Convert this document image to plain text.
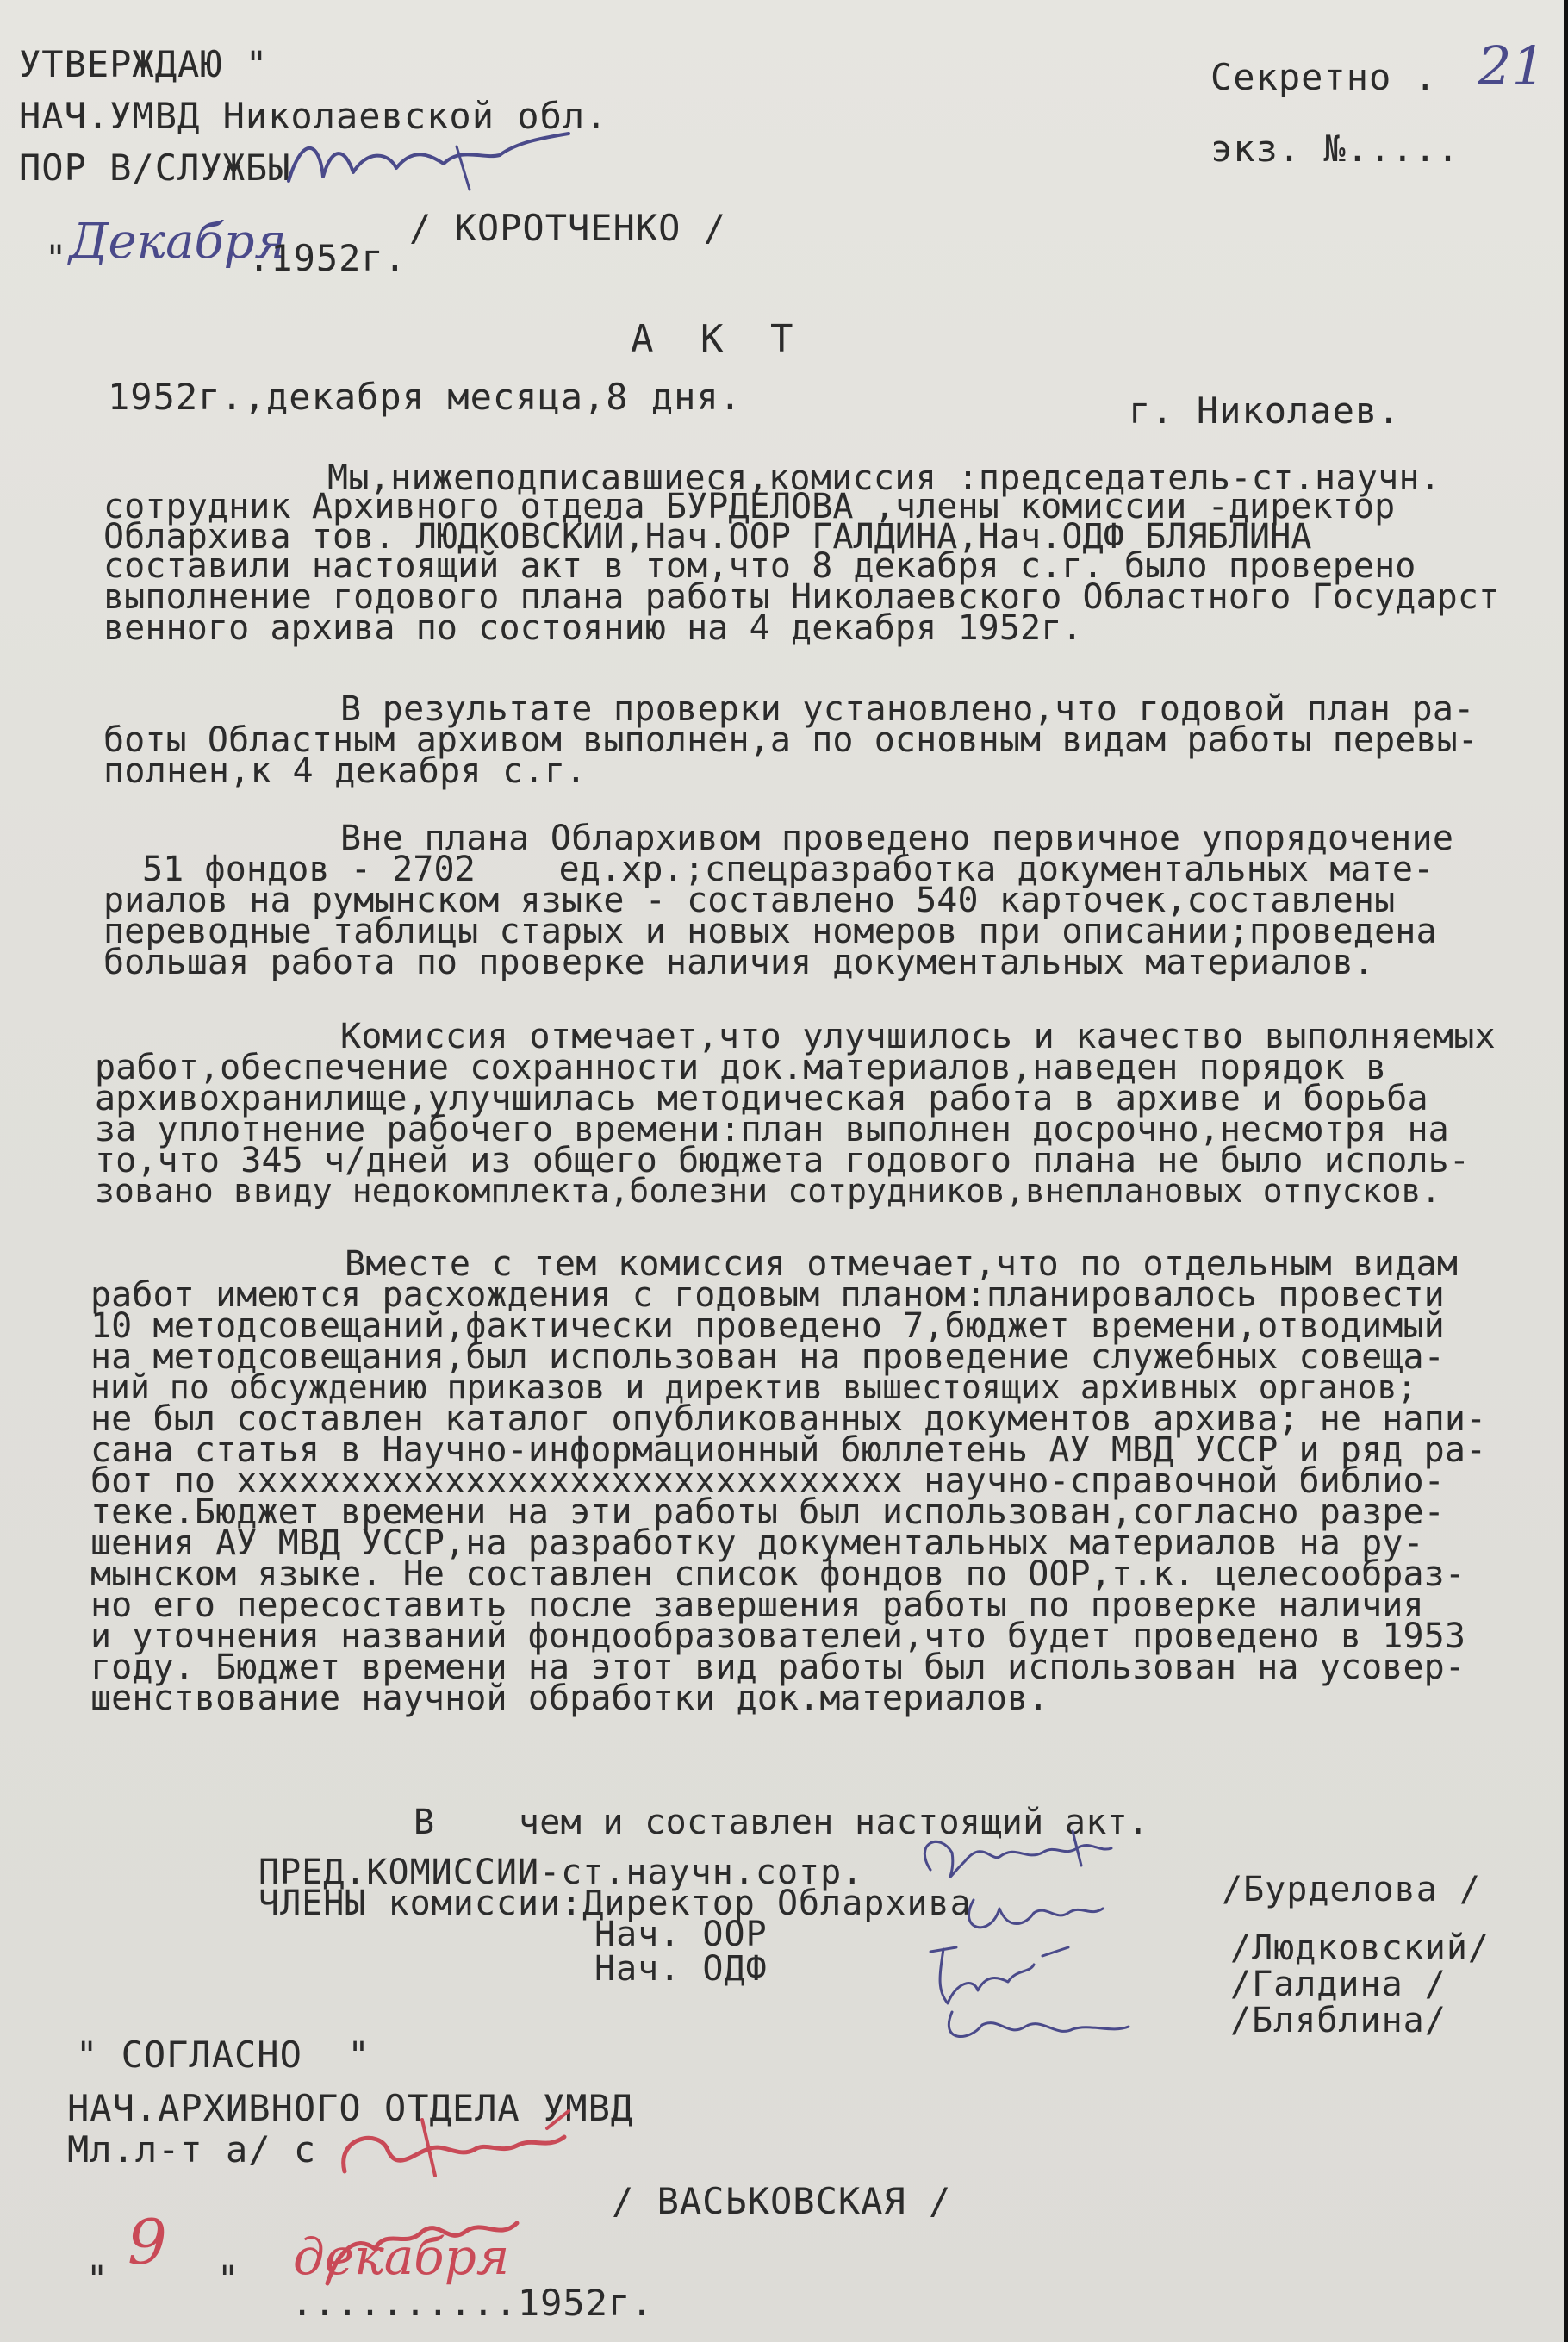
УТВЕРЖДАЮ "
НАЧ.УМВД Николаевской обл.
ПОР В/СЛУЖБЫ
/ КОРОТЧЕНКО /
" Декабря
.1952г.
Секретно . 21
экз. №.....
А К Т
1952г.,декабря месяца,8 дня.	г. Николаев.
Мы,нижеподписавшиеся,комиссия :председатель-ст.научн.
сотрудник Архивного отдела БУРДЕЛОВА ,члены комиссии -директор
Облархива тов. ЛЮДКОВСКИЙ,Нач.ООР ГАЛДИНА,Нач.ОДФ БЛЯБЛИНА
составили настоящий акт в том,что 8 декабря с.г. было проверено
выполнение годового плана работы Николаевского Областного Государст
венного архива по состоянию на 4 декабря 1952г.
В результате проверки установлено,что годовой план ра-
боты Областным архивом выполнен,а по основным видам работы перевы-
полнен,к 4 декабря с.г.
Вне плана Облархивом проведено первичное упорядочение
51 фондов - 2702    ед.хр.;спецразработка документальных мате-
риалов на румынском языке - составлено 540 карточек,составлены
переводные таблицы старых и новых номеров при описании;проведена
большая работа по проверке наличия документальных материалов.
Комиссия отмечает,что улучшилось и качество выполняемых
работ,обеспечение сохранности док.материалов,наведен порядок в
архивохранилище,улучшилась методическая работа в архиве и борьба
за уплотнение рабочего времени:план выполнен досрочно,несмотря на
то,что 345 ч/дней из общего бюджета годового плана не было исполь-
зовано ввиду недокомплекта,болезни сотрудников,внеплановых отпусков.
Вместе с тем комиссия отмечает,что по отдельным видам
работ имеются расхождения с годовым планом:планировалось провести
10 методсовещаний,фактически проведено 7,бюджет времени,отводимый
на методсовещания,был использован на проведение служебных совеща-
ний по обсуждению приказов и директив вышестоящих архивных органов;
не был составлен каталог опубликованных документов архива; не напи-
сана статья в Научно-информационный бюллетень АУ МВД УССР и ряд ра-
бот по xxxxxxxxxxxxxxxxxxxxxxxxxxxxxxxx научно-справочной библио-
теке.Бюджет времени на эти работы был использован,согласно разре-
шения АУ МВД УССР,на разработку документальных материалов на ру-
мынском языке. Не составлен список фондов по ООР,т.к. целесообраз-
но его пересоставить после завершения работы по проверке наличия
и уточнения названий фондообразователей,что будет проведено в 1953
году. Бюджет времени на этот вид работы был использован на усовер-
шенствование научной обработки док.материалов.
В    чем и составлен настоящий акт.
ПРЕД.КОМИССИИ-ст.научн.сотр.
ЧЛЕНЫ комиссии:Директор Облархива
Нач. ООР
Нач. ОДФ
/Бурделова /
/Людковский/
/Галдина /
/Бляблина/
" СОГЛАСНО  "
НАЧ.АРХИВНОГО ОТДЕЛА УМВД
Мл.л-т а/ с
/ ВАСЬКОВСКАЯ /
"
9
" декабря
..........1952г.
